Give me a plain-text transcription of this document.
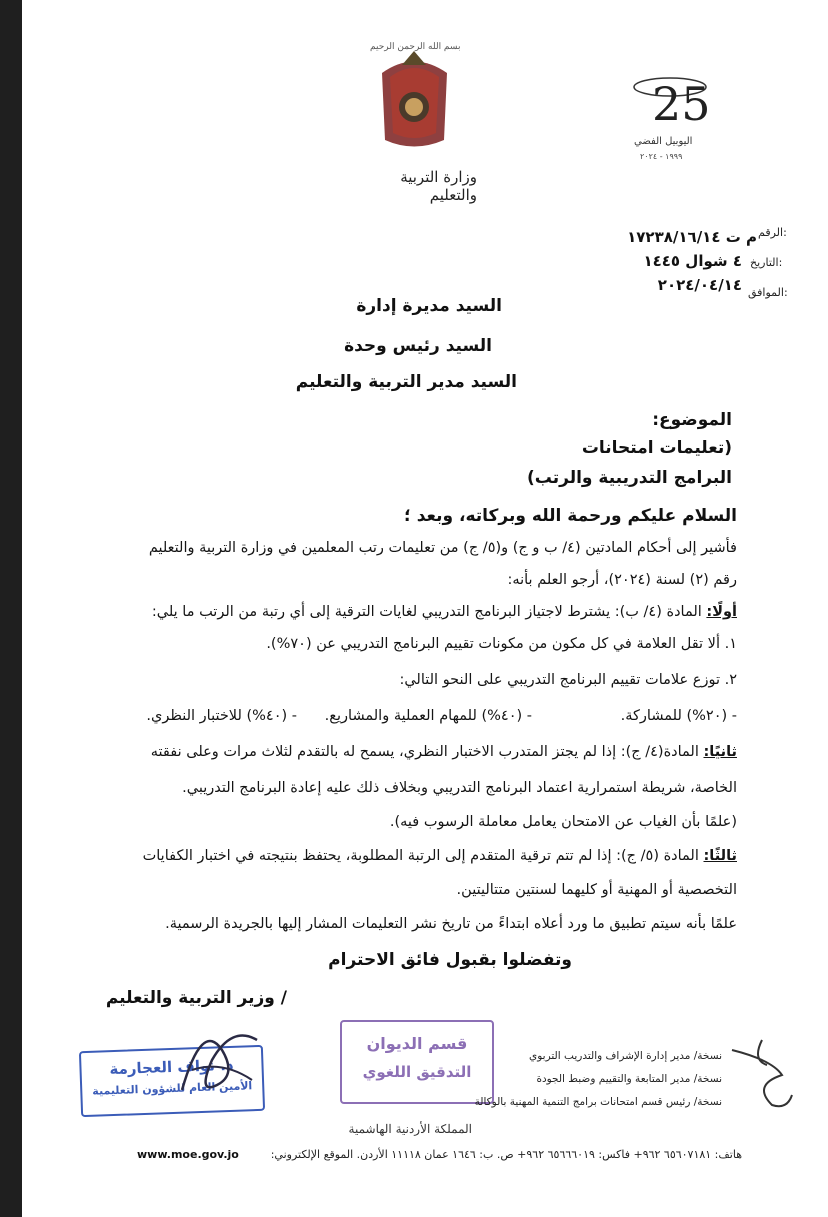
بسم الله الرحمن الرحيم
وزارة التربية والتعليم
25
اليوبيل الفضي
١٩٩٩ - ٢٠٢٤
الرقم:
م ت ١٧٢٣٨/١٦/١٤
التاريخ:
٤ شوال ١٤٤٥
الموافق:
٢٠٢٤/٠٤/١٤
السيد مديرة إدارة
السيد رئيس وحدة
السيد مدير التربية والتعليم
الموضوع:
(تعليمات امتحانات
البرامج التدريبية والرتب)
السلام عليكم ورحمة الله وبركاته، وبعد ؛
فأشير إلى أحكام المادتين (٤/ ب و ج) و(٥/ ج) من تعليمات رتب المعلمين في وزارة التربية والتعليم
رقم (٢) لسنة (٢٠٢٤)، أرجو العلم بأنه:
أولًا: المادة (٤/ ب): يشترط لاجتياز البرنامج التدريبي لغايات الترقية إلى أي رتبة من الرتب ما يلي:
١. ألا تقل العلامة في كل مكون من مكونات تقييم البرنامج التدريبي عن (٧٠%).
٢. توزع علامات تقييم البرنامج التدريبي على النحو التالي:
- (٢٠%) للمشاركة.
- (٤٠%) للمهام العملية والمشاريع.
- (٤٠%) للاختبار النظري.
ثانيًا: المادة(٤/ ج): إذا لم يجتز المتدرب الاختبار النظري، يسمح له بالتقدم لثلاث مرات وعلى نفقته
الخاصة، شريطة استمرارية اعتماد البرنامج التدريبي وبخلاف ذلك عليه إعادة البرنامج التدريبي.
(علمًا بأن الغياب عن الامتحان يعامل معاملة الرسوب فيه).
ثالثًا: المادة (٥/ ج): إذا لم تتم ترقية المتقدم إلى الرتبة المطلوبة، يحتفظ بنتيجته في اختبار الكفايات
التخصصية أو المهنية أو كليهما لسنتين متتاليتين.
علمًا بأنه سيتم تطبيق ما ورد أعلاه ابتداءً من تاريخ نشر التعليمات المشار إليها بالجريدة الرسمية.
وتفضلوا بقبول فائق الاحترام
/ وزير التربية والتعليم
د. نواف العجارمة
الأمين العام للشؤون التعليمية
قسم الديوان
التدقيق اللغوي
نسخة/ مدير إدارة الإشراف والتدريب التربوي
نسخة/ مدير المتابعة والتقييم وضبط الجودة
نسخة/ رئيس قسم امتحانات برامج التنمية المهنية بالوكالة
المملكة الأردنية الهاشمية
هاتف: ٦٥٦٠٧١٨١ ٩٦٢+ فاكس: ٦٥٦٦٦٠١٩ ٩٦٢+ ص. ب: ١٦٤٦ عمان ١١١١٨ الأردن. الموقع الإلكتروني:
www.moe.gov.jo
